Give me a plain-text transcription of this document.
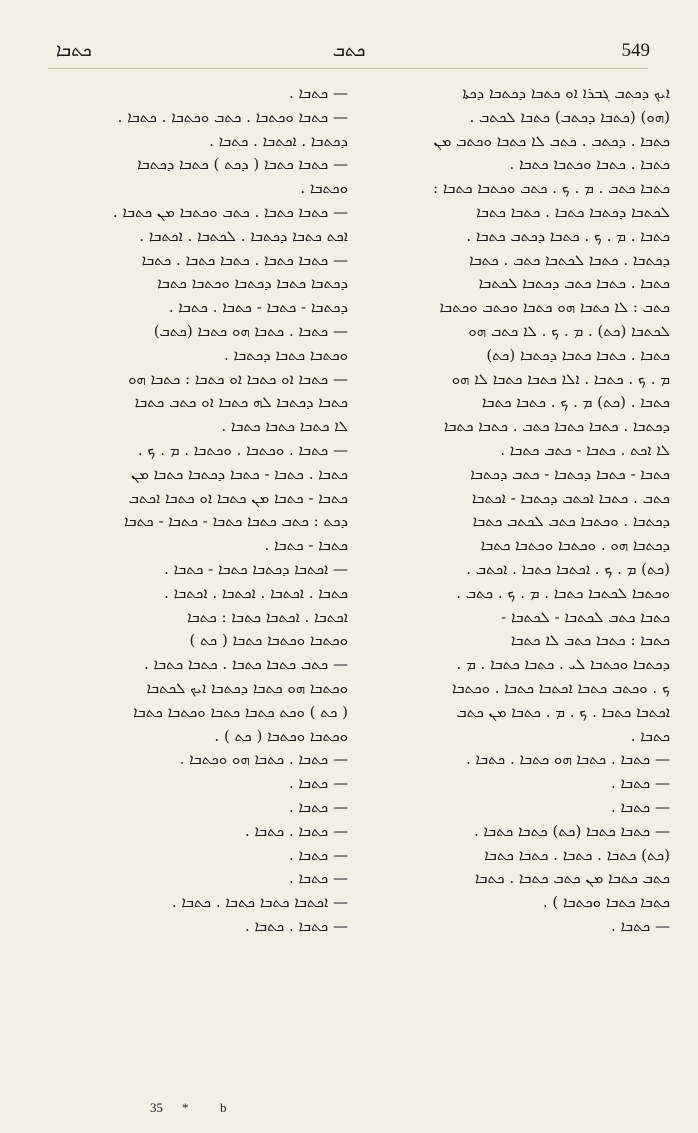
ܟܬܒܐ	ܟܬܒ	549

ܐܝܟ ܕܟܬܒ ܓܒܪܐ ܐܘ ܟܬܒܐ ܕܟܬܒܐ ܕܟܬܐ

(ܗܘ) (ܟܬܒܐ ܕܟܬܒ) ܟܬܒܐ ܠܟܬܒ .

ܟܬܒܐ . ܕܟܬܒ . ܟܬܒ ܠܐ ܟܬܒܐ ܘܟܬܒ ܡܢ

ܟܬܒܐ . ܟܬܒܐ ܘܟܬܒܐ ܟܬܒܐ .

ܟܬܒܐ ܟܬܒ . ܡ . ܟ . ܟܬܒ ܘܟܬܒܐ ܟܬܒܐ :

ܠܟܬܒܐ ܕܟܬܒܐ ܟܬܒܐ . ܟܬܒܐ ܟܬܒܐ

ܟܬܒܐ . ܡ . ܟ . ܟܬܒܐ ܕܟܬܒ ܟܬܒܐ .

ܕܟܬܒܐ . ܟܬܒܐ ܠܟܬܒܐ ܟܬܒ . ܟܬܒܐ

ܟܬܒܐ . ܟܬܒܐ ܟܬܒ ܕܟܬܒܐ ܠܟܬܒܐ

ܟܬܒ : ܠܐ ܟܬܒܐ ܗܘ ܟܬܒܐ ܘܟܬܒ ܘܟܬܒܐ

ܠܟܬܒܐ (ܟܬ) . ܡ . ܟ . ܠܐ ܟܬܒ ܗܘ

ܟܬܒܐ . ܟܬܒܐ ܟܬܒܐ ܕܟܬܒܐ (ܟܬ)

ܡ . ܟ . ܟܬܒܐ . ܐܠܐ ܟܬܒܐ ܟܬܒܐ ܠܐ ܗܘ

ܟܬܒܐ . (ܟܬ) ܡ . ܟ . ܟܬܒܐ ܟܬܒܐ

ܕܟܬܒܐ . ܟܬܒܐ ܟܬܒܐ ܟܬܒ . ܟܬܒܐ ܟܬܒܐ

ܠܐ ܐܟܬ . ܟܬܒܐ - ܟܬܒ ܟܬܒܐ .

ܟܬܒܐ - ܟܬܒܐ ܕܟܬܒܐ - ܟܬܒ ܕܟܬܒܐ

ܟܬܒ . ܟܬܒܐ ܐܟܬܒ ܕܟܬܒܐ - ܐܟܬܒܐ

ܕܟܬܒܐ . ܘܟܬܒܐ ܟܬܒ ܠܟܬܒ ܟܬܒܐ

ܕܟܬܒܐ ܗܘ . ܘܟܬܒܐ ܘܟܬܒܐ ܟܬܒܐ

(ܟܬ) ܡ . ܟ . ܐܟܬܒܐ ܟܬܒܐ . ܐܟܬܒ .

ܘܟܬܒܐ ܠܟܬܒܐ ܟܬܒܐ . ܡ . ܟ . ܟܬܒ .

ܟܬܒܐ ܟܬܒ ܠܟܬܒܐ - ܠܟܬܒܐ -

ܟܬܒܐ : ܟܬܒܐ ܟܬܒ ܠܐ ܟܬܒܐ

ܕܟܬܒܐ ܘܟܬܒܐ ܠܝ . ܟܬܒܐ ܟܬܒܐ . ܡ .

ܟ . ܘܟܬܒ ܟܬܒܐ ܐܟܬܒܐ ܟܬܒܐ . ܘܟܬܒܐ

ܐܟܬܒܐ ܟܬܒܐ . ܟ . ܡ . ܟܬܒܐ ܡܢ ܟܬܒ

ܟܬܒܐ .

— ܟܬܒܐ . ܟܬܒܐ ܗܘ ܟܬܒܐ . ܟܬܒܐ .

— ܟܬܒܐ .

— ܟܬܒܐ .

— ܟܬܒܐ ܟܬܒܐ (ܟܬ) ܟܬܒܐ ܟܬܒܐ .

(ܟܬ) ܟܬܒܐ . ܟܬܒܐ . ܟܬܒܐ ܟܬܒܐ

ܟܬܒ ܟܬܒܐ ܡܢ ܟܬܒ ܟܬܒܐ . ܟܬܒܐ

ܟܬܒܐ ܟܬܒܐ ܘܟܬܒܐ ) .

— ܟܬܒܐ .

— ܟܬܒܐ .

— ܟܬܒܐ ܘܟܬܒܐ . ܟܬܒ ܘܟܬܒܐ . ܟܬܒܐ .

ܕܟܬܒܐ . ܐܟܬܒܐ . ܟܬܒܐ .

— ܟܬܒܐ ܟܬܒܐ ( ܕܟܬ ) ܟܬܒܐ ܕܟܬܒܐ

ܘܟܬܒܐ .

— ܟܬܒܐ ܟܬܒܐ . ܟܬܒ ܘܟܬܒܐ ܡܢ ܟܬܒܐ .

ܐܟܬ ܟܬܒܐ ܕܟܬܒܐ . ܠܟܬܒܐ . ܐܟܬܒܐ .

— ܟܬܒܐ ܟܬܒܐ . ܟܬܒܐ ܟܬܒܐ . ܟܬܒܐ

ܕܟܬܒܐ ܟܬܒܐ ܕܟܬܒܐ ܘܟܬܒܐ ܟܬܒܐ

ܕܟܬܒܐ - ܟܬܒܐ - ܟܬܒܐ . ܟܬܒܐ .

— ܟܬܒܐ . ܟܬܒܐ ܗܘ ܟܬܒܐ (ܟܬܒ)

ܘܟܬܒܐ ܟܬܒܐ ܕܟܬܒܐ .

— ܟܬܒܐ ܐܘ ܟܬܒܐ ܐܘ ܟܬܒܐ : ܟܬܒܐ ܗܘ

ܟܬܒܐ ܕܟܬܒܐ ܠܗ ܟܬܒܐ ܐܘ ܟܬܒ ܟܬܒܐ

ܠܐ ܟܬܒܐ ܟܬܒܐ ܟܬܒܐ .

— ܟܬܒܐ . ܘܟܬܒܐ . ܘܟܬܒܐ . ܡ . ܟ .

ܟܬܒܐ . ܟܬܒܐ - ܟܬܒܐ ܕܟܬܒܐ ܟܬܒܐ ܡܢ

ܟܬܒܐ - ܟܬܒܐ ܡܢ ܟܬܒܐ ܐܘ ܟܬܒܐ ܐܟܬܒ

ܕܟܬ : ܟܬܒ ܟܬܒܐ ܟܬܒܐ - ܟܬܒܐ - ܟܬܒܐ

ܟܬܒܐ - ܟܬܒܐ .

— ܐܟܬܒܐ ܕܟܬܒܐ ܟܬܒܐ - ܟܬܒܐ .

ܟܬܒܐ . ܐܟܬܒܐ . ܐܟܬܒܐ . ܐܟܬܒܐ .

ܐܟܬܒܐ . ܐܟܬܒܐ ܟܬܒܐ : ܟܬܒܐ

ܘܟܬܒܐ ܘܟܬܒܐ ܟܬܒܐ ( ܟܬ )

— ܟܬܒ ܟܬܒܐ ܟܬܒܐ . ܟܬܒܐ ܟܬܒܐ .

ܘܟܬܒܐ ܗܘ ܟܬܒܐ ܕܟܬܒܐ ܐܝܟ ܠܟܬܒܐ

( ܟܬ ) ܘܟܬ ܟܬܒܐ ܟܬܒܐ ܘܟܬܒܐ ܟܬܒܐ

ܘܟܬܒܐ ܘܟܬܒܐ ( ܟܬ ) .

— ܟܬܒܐ . ܟܬܒܐ ܗܘ ܘܟܬܒܐ .

— ܟܬܒܐ .

— ܟܬܒܐ .

— ܟܬܒܐ . ܟܬܒܐ .

— ܟܬܒܐ .

— ܟܬܒܐ .

— ܐܟܬܒܐ ܟܬܒܐ ܟܬܒܐ . ܟܬܒܐ .

— ܟܬܒܐ . ܟܬܒܐ .

35 * b
